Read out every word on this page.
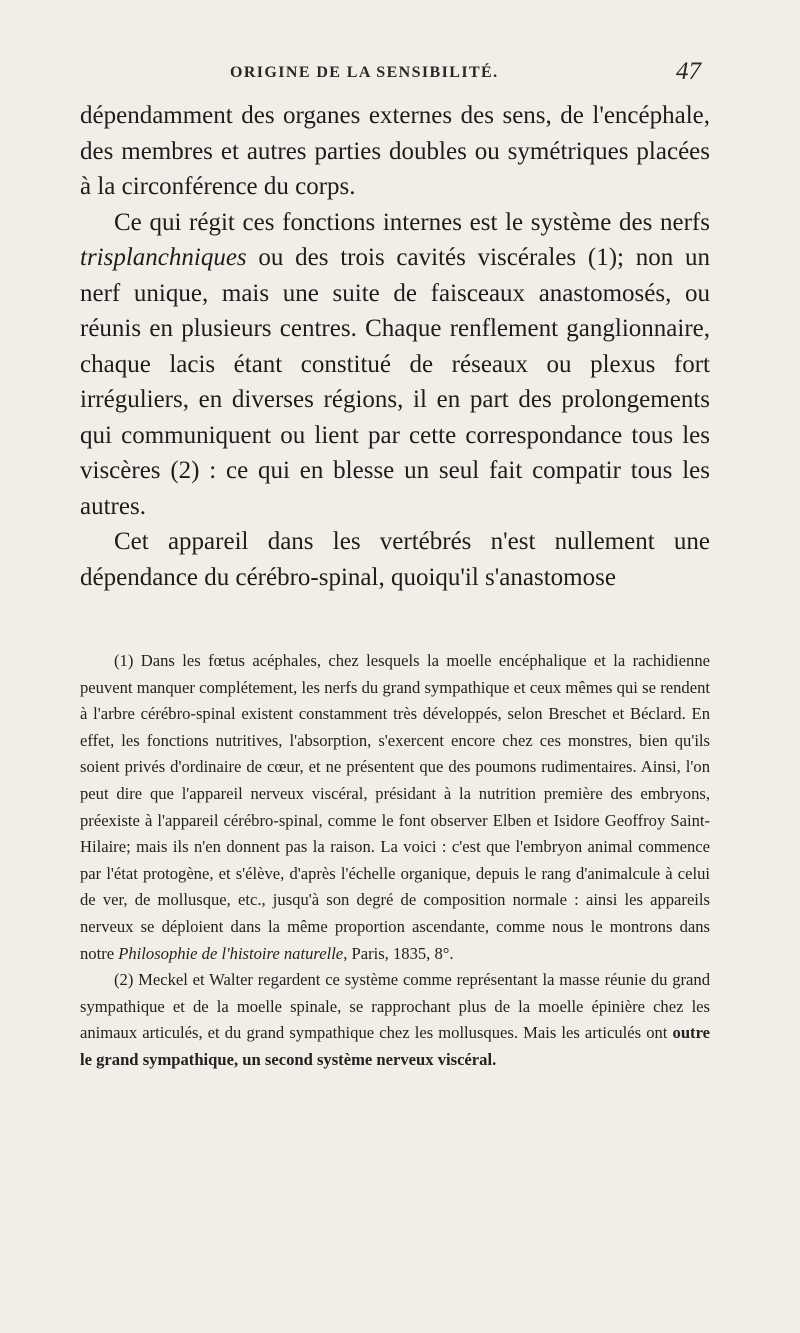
ORIGINE DE LA SENSIBILITÉ.	47

dépendamment des organes externes des sens, de l'encéphale, des membres et autres parties doubles ou symétriques placées à la circonférence du corps.

Ce qui régit ces fonctions internes est le système des nerfs trisplanchniques ou des trois cavités viscérales (1); non un nerf unique, mais une suite de faisceaux anastomosés, ou réunis en plusieurs centres. Chaque renflement ganglionnaire, chaque lacis étant constitué de réseaux ou plexus fort irréguliers, en diverses régions, il en part des prolongements qui communiquent ou lient par cette correspondance tous les viscères (2) : ce qui en blesse un seul fait compatir tous les autres.

Cet appareil dans les vertébrés n'est nullement une dépendance du cérébro-spinal, quoiqu'il s'anastomose

(1) Dans les fœtus acéphales, chez lesquels la moelle encéphalique et la rachidienne peuvent manquer complétement, les nerfs du grand sympathique et ceux mêmes qui se rendent à l'arbre cérébro-spinal existent constamment très développés, selon Breschet et Béclard. En effet, les fonctions nutritives, l'absorption, s'exercent encore chez ces monstres, bien qu'ils soient privés d'ordinaire de cœur, et ne présentent que des poumons rudimentaires. Ainsi, l'on peut dire que l'appareil nerveux viscéral, présidant à la nutrition première des embryons, préexiste à l'appareil cérébro-spinal, comme le font observer Elben et Isidore Geoffroy Saint-Hilaire; mais ils n'en donnent pas la raison. La voici : c'est que l'embryon animal commence par l'état protogène, et s'élève, d'après l'échelle organique, depuis le rang d'animalcule à celui de ver, de mollusque, etc., jusqu'à son degré de composition normale : ainsi les appareils nerveux se déploient dans la même proportion ascendante, comme nous le montrons dans notre Philosophie de l'histoire naturelle, Paris, 1835, 8°.

(2) Meckel et Walter regardent ce système comme représentant la masse réunie du grand sympathique et de la moelle spinale, se rapprochant plus de la moelle épinière chez les animaux articulés, et du grand sympathique chez les mollusques. Mais les articulés ont outre le grand sympathique, un second système nerveux viscéral.
